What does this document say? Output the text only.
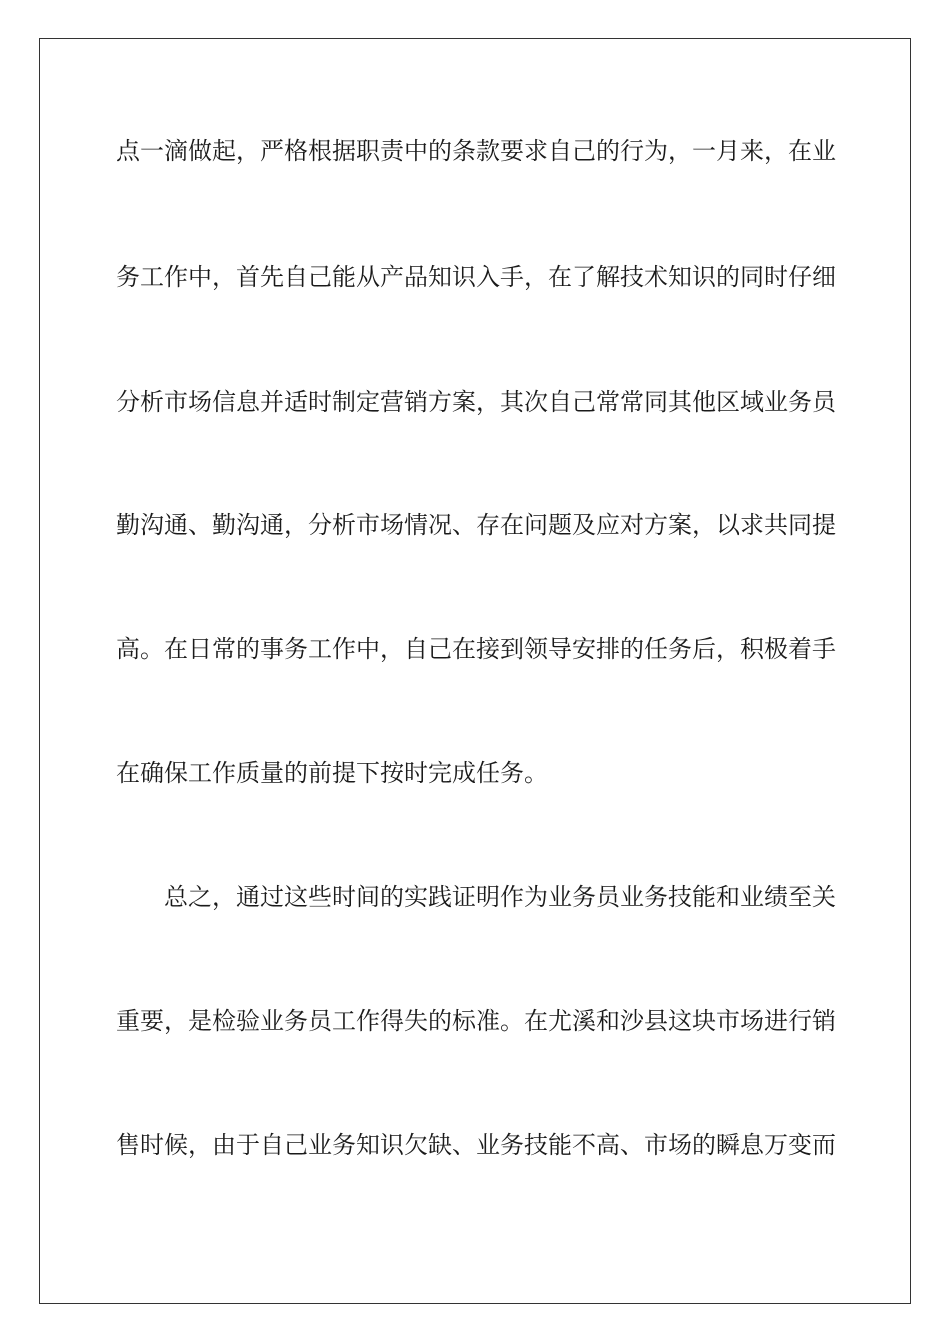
点一滴做起，严格根据职责中的条款要求自己的行为，一月来，在业
务工作中，首先自己能从产品知识入手，在了解技术知识的同时仔细
分析市场信息并适时制定营销方案，其次自己常常同其他区域业务员
勤沟通、勤沟通，分析市场情况、存在问题及应对方案，以求共同提
高。在日常的事务工作中，自己在接到领导安排的任务后，积极着手
在确保工作质量的前提下按时完成任务。
总之，通过这些时间的实践证明作为业务员业务技能和业绩至关
重要，是检验业务员工作得失的标准。在尤溪和沙县这块市场进行销
售时候，由于自己业务知识欠缺、业务技能不高、市场的瞬息万变而
